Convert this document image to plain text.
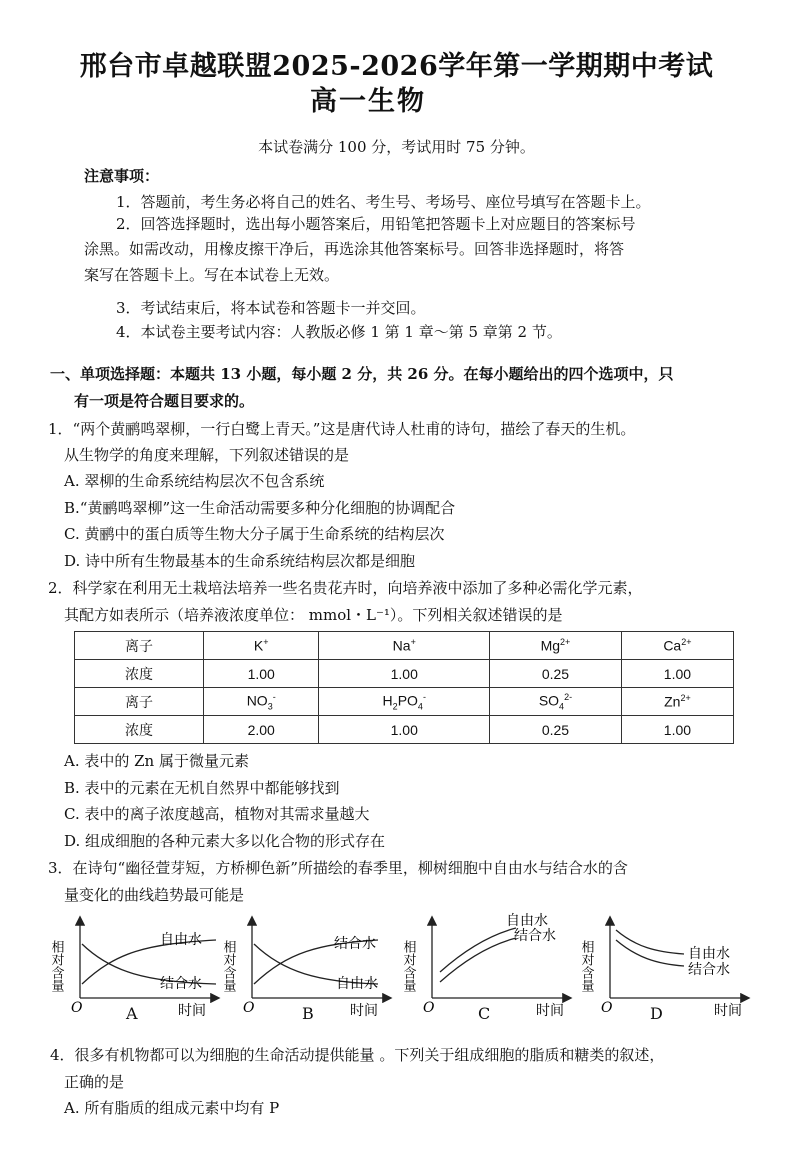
邢台市卓越联盟2025-2026学年第一学期期中考试
高一生物
本试卷满分 100 分，考试用时 75 分钟。
注意事项：
1．答题前，考生务必将自己的姓名、考生号、考场号、座位号填写在答题卡上。
2．回答选择题时，选出每小题答案后，用铅笔把答题卡上对应题目的答案标号
涂黑。如需改动，用橡皮擦干净后，再选涂其他答案标号。回答非选择题时，将答
案写在答题卡上。写在本试卷上无效。
3．考试结束后，将本试卷和答题卡一并交回。
4．本试卷主要考试内容：人教版必修 1 第 1 章～第 5 章第 2 节。
一、单项选择题：本题共 13 小题，每小题 2 分，共 26 分。在每小题给出的四个选项中，只
有一项是符合题目要求的。
1．“两个黄鹂鸣翠柳，一行白鹭上青天。”这是唐代诗人杜甫的诗句，描绘了春天的生机。
从生物学的角度来理解，下列叙述错误的是
A. 翠柳的生命系统结构层次不包含系统
B.“黄鹂鸣翠柳”这一生命活动需要多种分化细胞的协调配合
C. 黄鹂中的蛋白质等生物大分子属于生命系统的结构层次
D. 诗中所有生物最基本的生命系统结构层次都是细胞
2．科学家在利用无土栽培法培养一些名贵花卉时，向培养液中添加了多种必需化学元素，
其配方如表所示（培养液浓度单位： mmol・L⁻¹）。下列相关叙述错误的是
离子	K+	Na+	$Mg^{2+}$	$Ca^{2+}$
浓度	1.00	1.00	0.25	1.00
离子	$NO_3^-$	$H_2PO_4^-$	$SO_4^{2-}$	$Zn^{2+}$
浓度	2.00	1.00	0.25	1.00
A. 表中的 Zn 属于微量元素
B. 表中的元素在无机自然界中都能够找到
C. 表中的离子浓度越高，植物对其需求量越大
D. 组成细胞的各种元素大多以化合物的形式存在
3．在诗句“幽径萱芽短，方桥柳色新”所描绘的春季里，柳树细胞中自由水与结合水的含
量变化的曲线趋势最可能是
相对含量	自由水
结合水
O	时间
A
相对含量	结合水
自由水
O	时间
B
相对含量
自由水
结合水
O	时间
C
相对含量	自由水
结合水
O	时间
D
4．很多有机物都可以为细胞的生命活动提供能量 。下列关于组成细胞的脂质和糖类的叙述，
正确的是
A. 所有脂质的组成元素中均有 P
